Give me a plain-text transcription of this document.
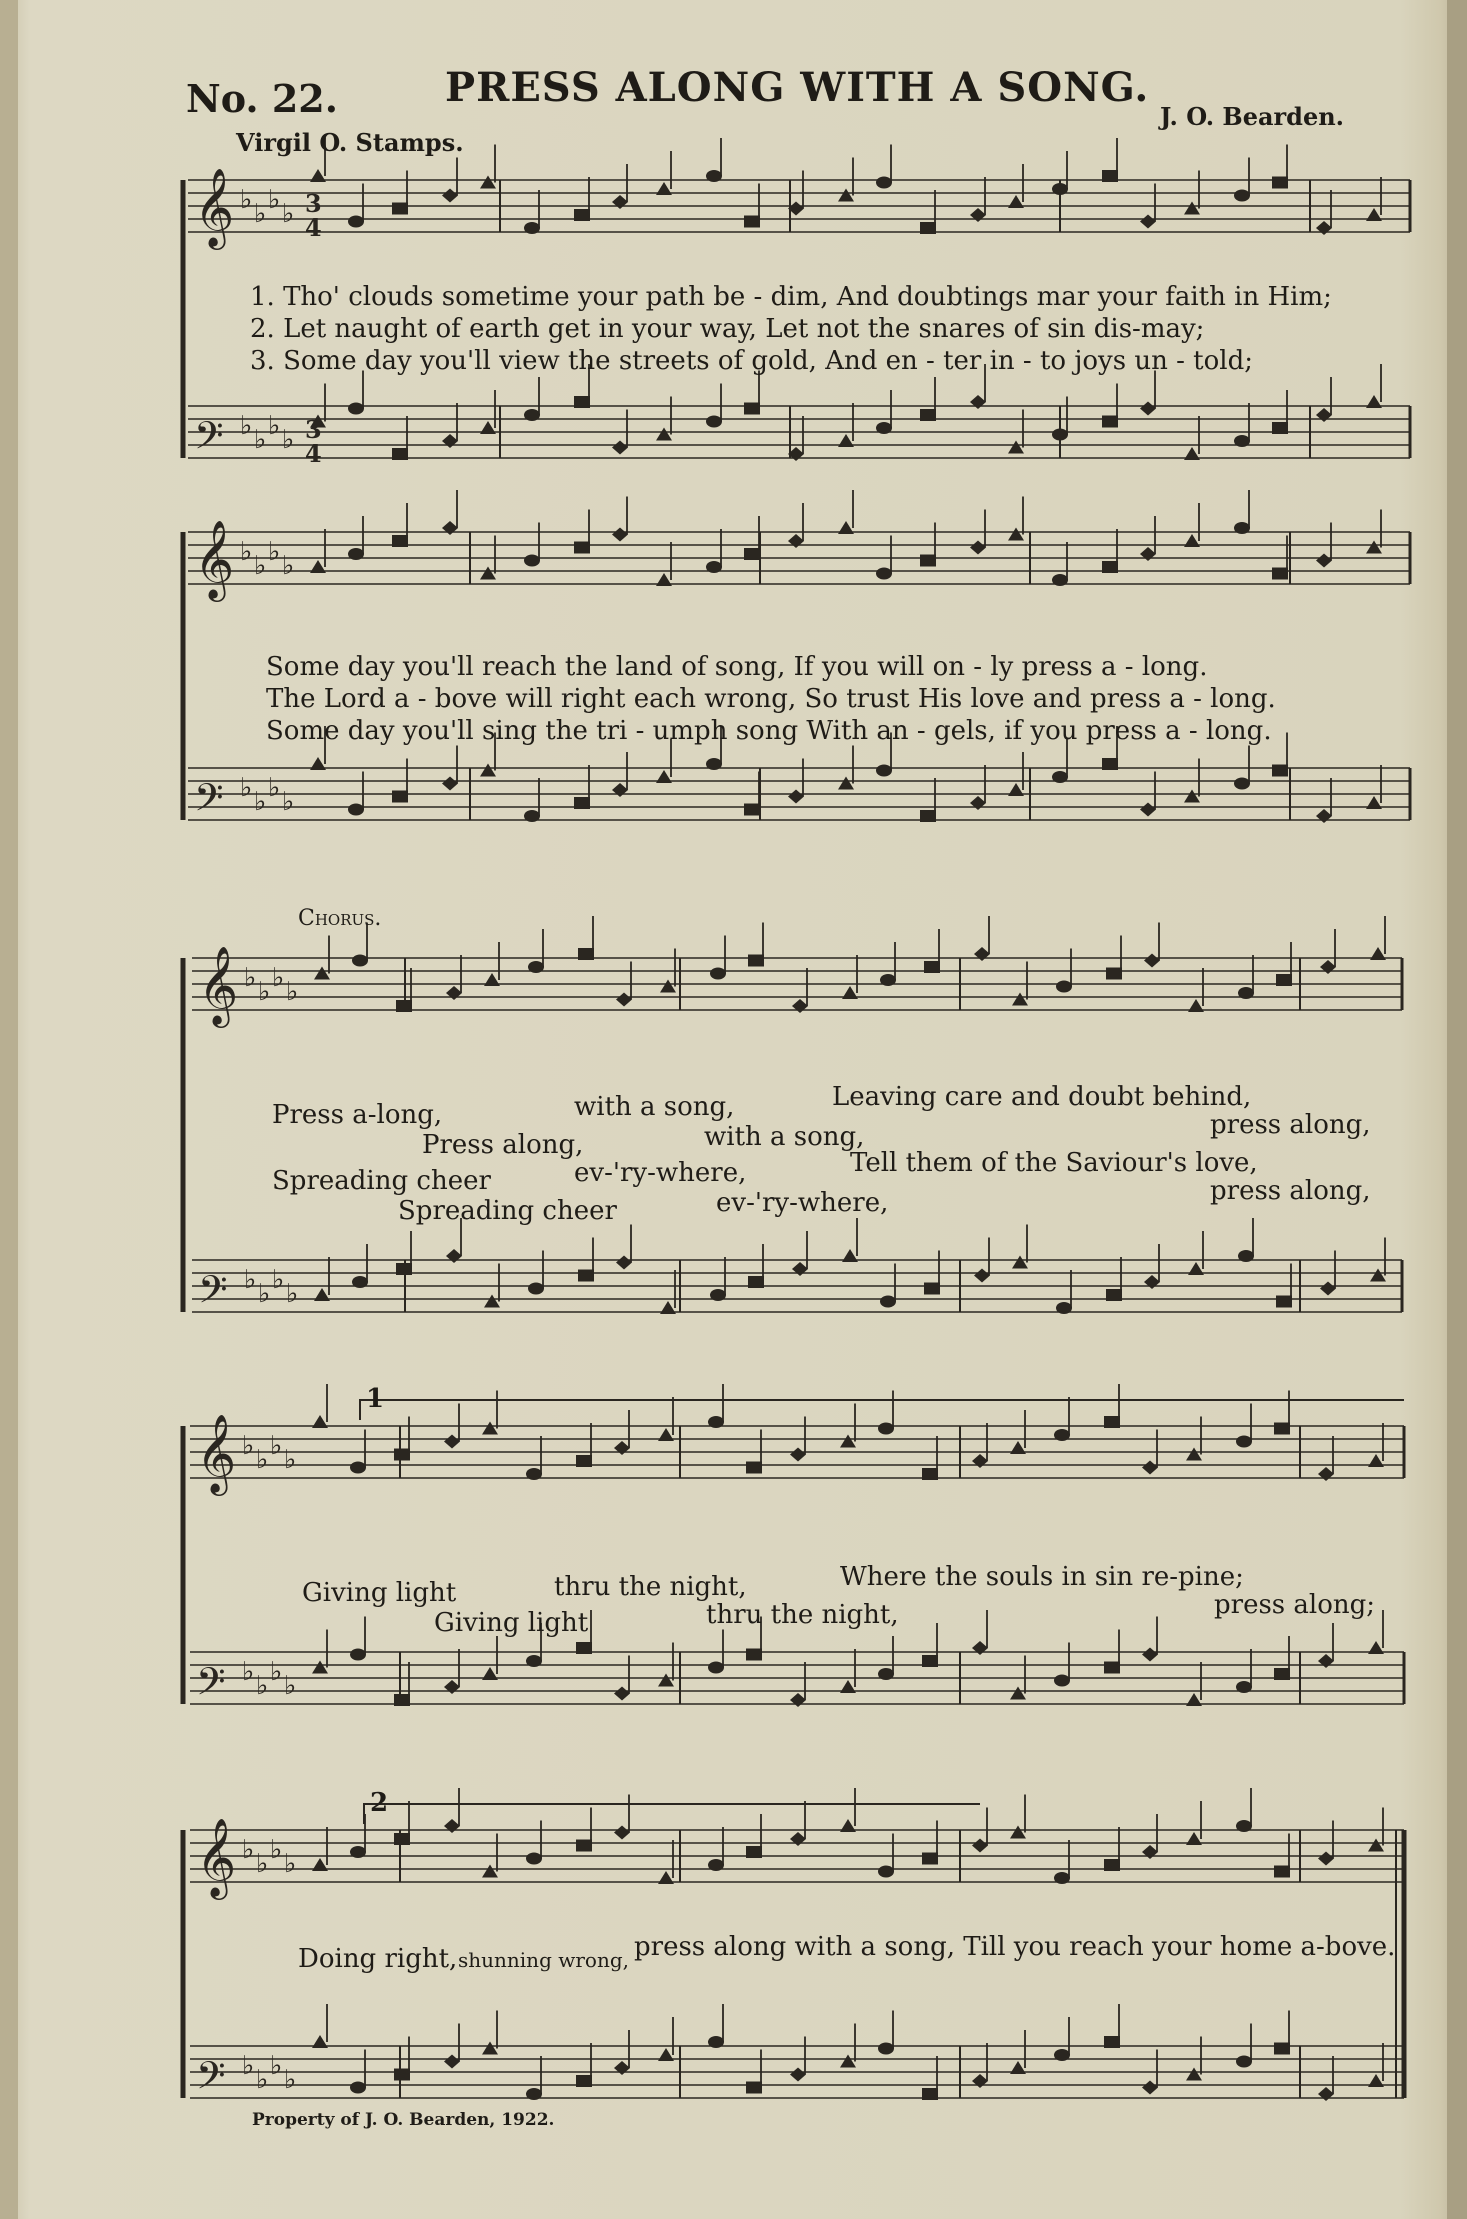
𝄞 ♭ ♭ ♭ ♭
𝄢 ♭ ♭ ♭ ♭
𝄞 ♭ ♭ ♭ ♭
𝄢 ♭ ♭ ♭ ♭
𝄞 ♭ ♭ ♭ ♭
𝄢 ♭ ♭ ♭ ♭
𝄞 ♭ ♭ ♭ ♭
𝄢 ♭ ♭ ♭ ♭
𝄞 ♭ ♭ ♭ ♭
𝄢 ♭ ♭ ♭ ♭
3
4
3
4
No. 22.	PRESS ALONG WITH A SONG.
J. O. Bearden.
Virgil O. Stamps.
1. Tho' clouds sometime your path be - dim, And doubtings mar your faith in Him;
2. Let naught of earth get in your way, Let not the snares of sin dis-may;
3. Some day you'll view the streets of gold, And en - ter in - to joys un - told;
Some day you'll reach the land of song, If you will on - ly press a - long.
The Lord a - bove will right each wrong, So trust His love and press a - long.
Some day you'll sing the tri - umph song With an - gels, if you press a - long.
Chorus.
Press a-long,	with a song,	Leaving care and doubt behind,
Press along,	with a song,	press along,
Spreading cheer	ev-'ry-where,	Tell them of the Saviour's love,
Spreading cheer	ev-'ry-where,	press along,
1
Giving light	thru the night,	Where the souls in sin re-pine;
Giving light	thru the night,	press along;
2
Doing right, shunning wrong, press along with a song, Till you reach your home a-bove.
Property of J. O. Bearden, 1922.
